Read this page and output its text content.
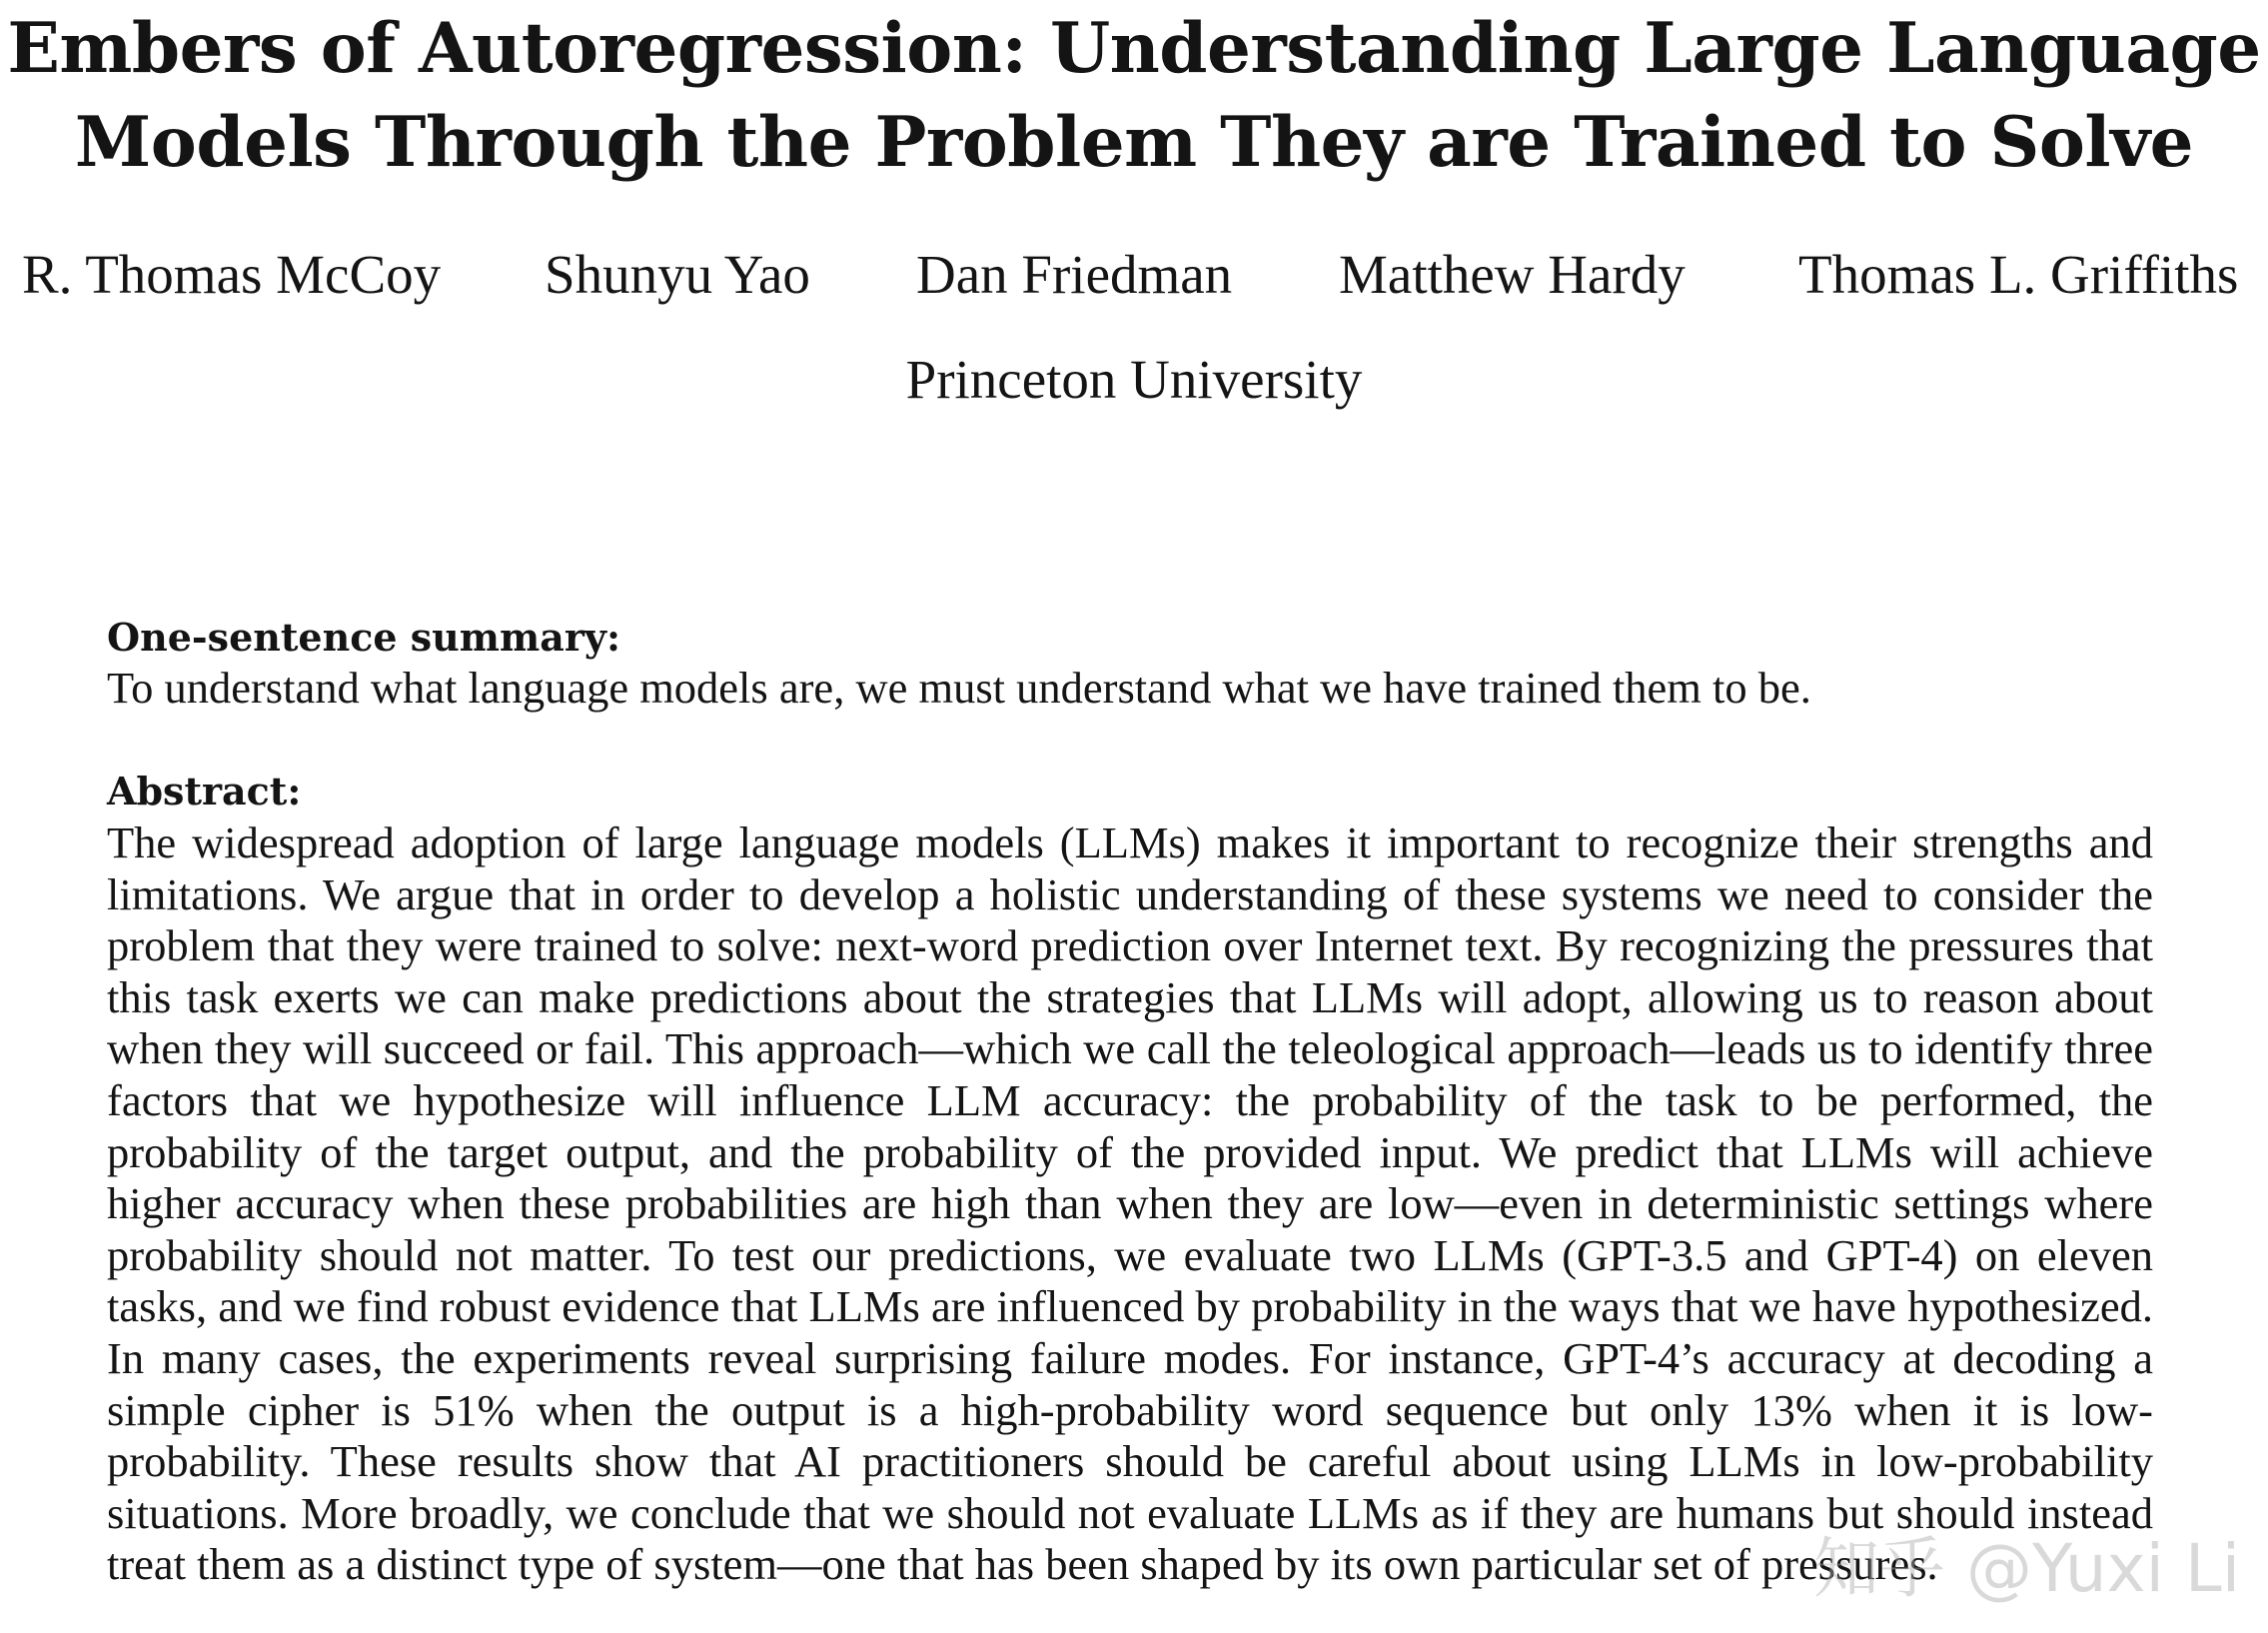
Embers of Autoregression: Understanding Large Language
Models Through the Problem They are Trained to Solve
R. Thomas McCoy Shunyu Yao Dan Friedman Matthew Hardy Thomas L. Griffiths
Princeton University
One-sentence summary:
To understand what language models are, we must understand what we have trained them to be.
Abstract:

The widespread adoption of large language models (LLMs) makes it important to recognize their strengths and limitations. We argue that in order to develop a holistic understanding of these systems we need to consider the problem that they were trained to solve: next-word prediction over Internet text. By recognizing the pressures that this task exerts we can make predictions about the strategies that LLMs will adopt, allowing us to reason about when they will succeed or fail. This approach—which we call the teleological approach—leads us to identify three factors that we hypothesize will influence LLM accuracy: the probability of the task to be performed, the probability of the target output, and the probability of the provided input. We predict that LLMs will achieve higher accuracy when these probabilities are high than when they are low—even in deterministic settings where probability should not matter. To test our predictions, we evaluate two LLMs (GPT-3.5 and GPT-4) on eleven tasks, and we find robust evidence that LLMs are influenced by probability in the ways that we have hypothesized. In many cases, the experiments reveal surprising failure modes. For instance, GPT-4’s accuracy at decoding a simple cipher is 51% when the output is a high-probability word sequence but only 13% when it is low-probability. These results show that AI practitioners should be careful about using LLMs in low-probability situations. More broadly, we conclude that we should not evaluate LLMs as if they are humans but should instead treat them as a distinct type of system—one that has been shaped by its own particular set of pressures.

知乎 @Yuxi Li
